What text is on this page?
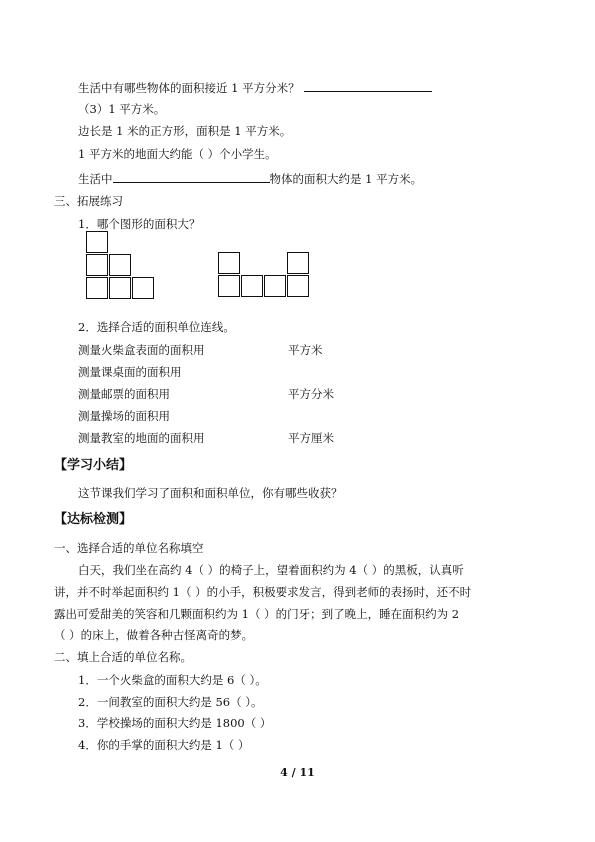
生活中有哪些物体的面积接近 1 平方分米？
（3）1 平方米。
边长是 1 米的正方形，面积是 1 平方米。
1 平方米的地面大约能（ ）个小学生。
生活中	物体的面积大约是 1 平方米。
三、拓展练习
1．哪个图形的面积大？
2．选择合适的面积单位连线。
测量火柴盒表面的面积用	平方米
测量课桌面的面积用
测量邮票的面积用	平方分米
测量操场的面积用
测量教室的地面的面积用	平方厘米
【学习小结】
这节课我们学习了面积和面积单位，你有哪些收获？
【达标检测】
一、选择合适的单位名称填空
白天，我们坐在高约 4（ ）的椅子上，望着面积约为 4（ ）的黑板，认真听
讲，并不时举起面积约 1（ ）的小手，积极要求发言，得到老师的表扬时，还不时
露出可爱甜美的笑容和几颗面积约为 1（ ）的门牙；到了晚上，睡在面积约为 2
（ ）的床上，做着各种古怪离奇的梦。
二、填上合适的单位名称。
1．一个火柴盒的面积大约是 6（ ）。
2．一间教室的面积大约是 56（ ）。
3．学校操场的面积大约是 1800（ ）
4．你的手掌的面积大约是 1（ ）
4 / 11
